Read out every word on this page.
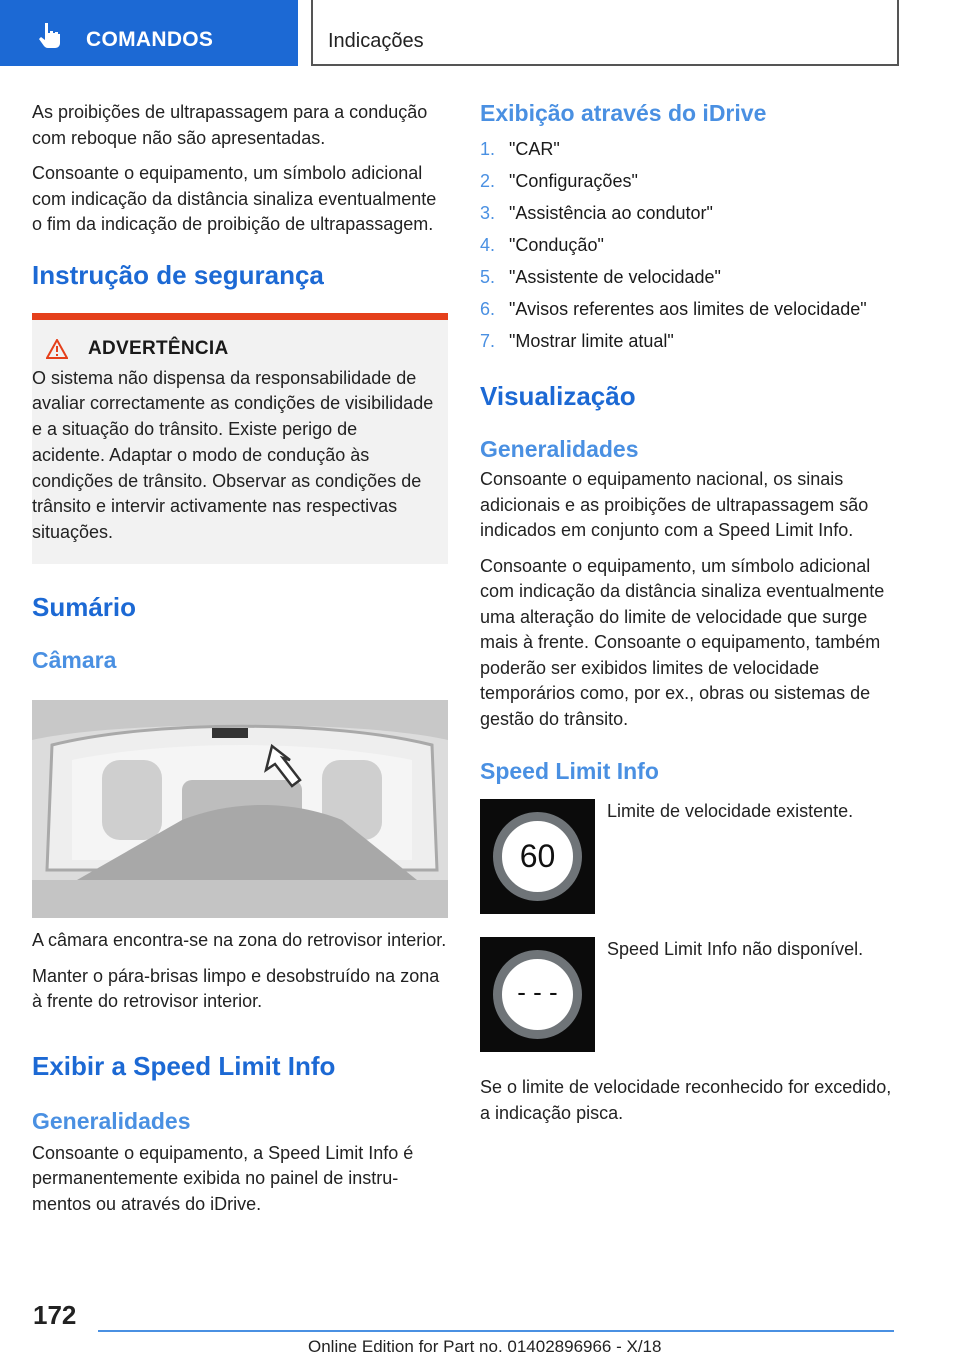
COMANDOS	Indicações

As proibições de ultrapassagem para a condução com reboque não são apresentadas.

Consoante o equipamento, um símbolo adicional com indicação da distância sinaliza eventualmente o fim da indicação de proibição de ultrapassagem.

Instrução de segurança
ADVERTÊNCIA

O sistema não dispensa da responsabilidade de avaliar correctamente as condições de visibilidade e a situação do trânsito. Existe perigo de acidente. Adaptar o modo de condução às condições de trânsito. Observar as condições de trânsito e intervir activamente nas respectivas situações.

Sumário
Câmara

A câmara encontra-se na zona do retrovisor interior.

Manter o pára-brisas limpo e desobstruído na zona à frente do retrovisor interior.

Exibir a Speed Limit Info
Generalidades

Consoante o equipamento, a Speed Limit Info é permanentemente exibida no painel de instrumentos ou através do iDrive.

Exibição através do iDrive
1. "CAR"
2. "Configurações"
3. "Assistência ao condutor"
4. "Condução"
5. "Assistente de velocidade"
6. "Avisos referentes aos limites de velocidade"
7. "Mostrar limite atual"
Visualização
Generalidades

Consoante o equipamento nacional, os sinais adicionais e as proibições de ultrapassagem são indicados em conjunto com a Speed Limit Info.

Consoante o equipamento, um símbolo adicional com indicação da distância sinaliza eventualmente uma alteração do limite de velocidade que surge mais à frente. Consoante o equipamento, também poderão ser exibidos limites de velocidade temporários como, por ex., obras ou sistemas de gestão do trânsito.

Speed Limit Info
60
Limite de velocidade existente.
- - -
Speed Limit Info não disponível.

Se o limite de velocidade reconhecido for excedido, a indicação pisca.

172
Online Edition for Part no. 01402896966 - X/18
